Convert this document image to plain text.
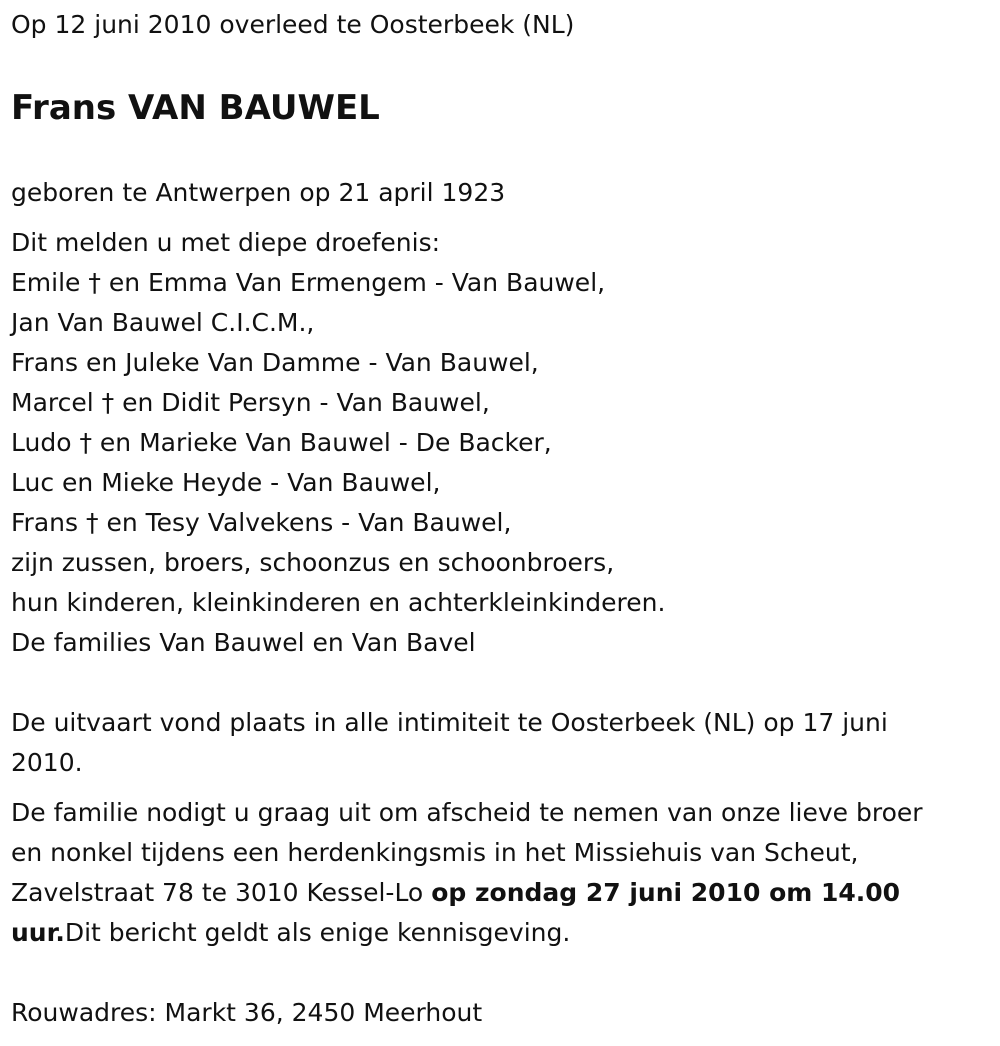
Op 12 juni 2010 overleed te Oosterbeek (NL)
Frans VAN BAUWEL
geboren te Antwerpen op 21 april 1923
Dit melden u met diepe droefenis:
Emile † en Emma Van Ermengem - Van Bauwel,
Jan Van Bauwel C.I.C.M.,
Frans en Juleke Van Damme - Van Bauwel,
Marcel † en Didit Persyn - Van Bauwel,
Ludo † en Marieke Van Bauwel - De Backer,
Luc en Mieke Heyde - Van Bauwel,
Frans † en Tesy Valvekens - Van Bauwel,
zijn zussen, broers, schoonzus en schoonbroers,
hun kinderen, kleinkinderen en achterkleinkinderen.
De families Van Bauwel en Van Bavel
De uitvaart vond plaats in alle intimiteit te Oosterbeek (NL) op 17 juni
2010.
De familie nodigt u graag uit om afscheid te nemen van onze lieve broer
en nonkel tijdens een herdenkingsmis in het Missiehuis van Scheut,
Zavelstraat 78 te 3010 Kessel-Lo op zondag 27 juni 2010 om 14.00
uur.Dit bericht geldt als enige kennisgeving.
Rouwadres: Markt 36, 2450 Meerhout
